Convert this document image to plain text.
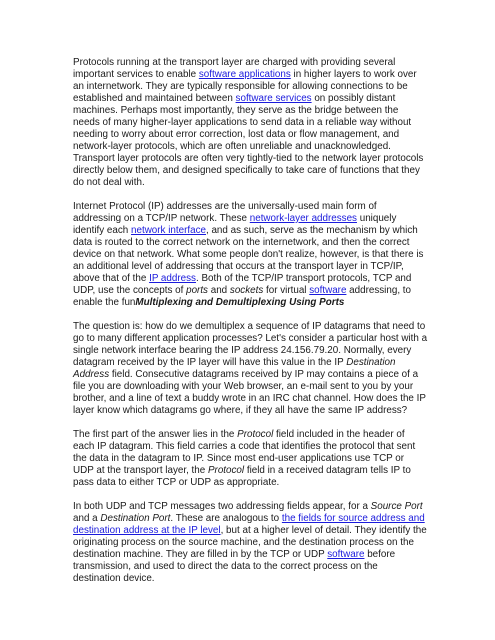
Protocols running at the transport layer are charged with providing several
important services to enable software applications in higher layers to work over
an internetwork. They are typically responsible for allowing connections to be
established and maintained between software services on possibly distant
machines. Perhaps most importantly, they serve as the bridge between the
needs of many higher-layer applications to send data in a reliable way without
needing to worry about error correction, lost data or flow management, and
network-layer protocols, which are often unreliable and unacknowledged.
Transport layer protocols are often very tightly-tied to the network layer protocols
directly below them, and designed specifically to take care of functions that they
do not deal with.
Internet Protocol (IP) addresses are the universally-used main form of
addressing on a TCP/IP network. These network-layer addresses uniquely
identify each network interface, and as such, serve as the mechanism by which
data is routed to the correct network on the internetwork, and then the correct
device on that network. What some people don't realize, however, is that there is
an additional level of addressing that occurs at the transport layer in TCP/IP,
above that of the IP address. Both of the TCP/IP transport protocols, TCP and
UDP, use the concepts of ports and sockets for virtual software addressing, to
enable the funMultiplexing and Demultiplexing Using Ports
The question is: how do we demultiplex a sequence of IP datagrams that need to
go to many different application processes? Let's consider a particular host with a
single network interface bearing the IP address 24.156.79.20. Normally, every
datagram received by the IP layer will have this value in the IP Destination
Address field. Consecutive datagrams received by IP may contains a piece of a
file you are downloading with your Web browser, an e-mail sent to you by your
brother, and a line of text a buddy wrote in an IRC chat channel. How does the IP
layer know which datagrams go where, if they all have the same IP address?
The first part of the answer lies in the Protocol field included in the header of
each IP datagram. This field carries a code that identifies the protocol that sent
the data in the datagram to IP. Since most end-user applications use TCP or
UDP at the transport layer, the Protocol field in a received datagram tells IP to
pass data to either TCP or UDP as appropriate.
In both UDP and TCP messages two addressing fields appear, for a Source Port
and a Destination Port. These are analogous to the fields for source address and
destination address at the IP level, but at a higher level of detail. They identify the
originating process on the source machine, and the destination process on the
destination machine. They are filled in by the TCP or UDP software before
transmission, and used to direct the data to the correct process on the
destination device.
